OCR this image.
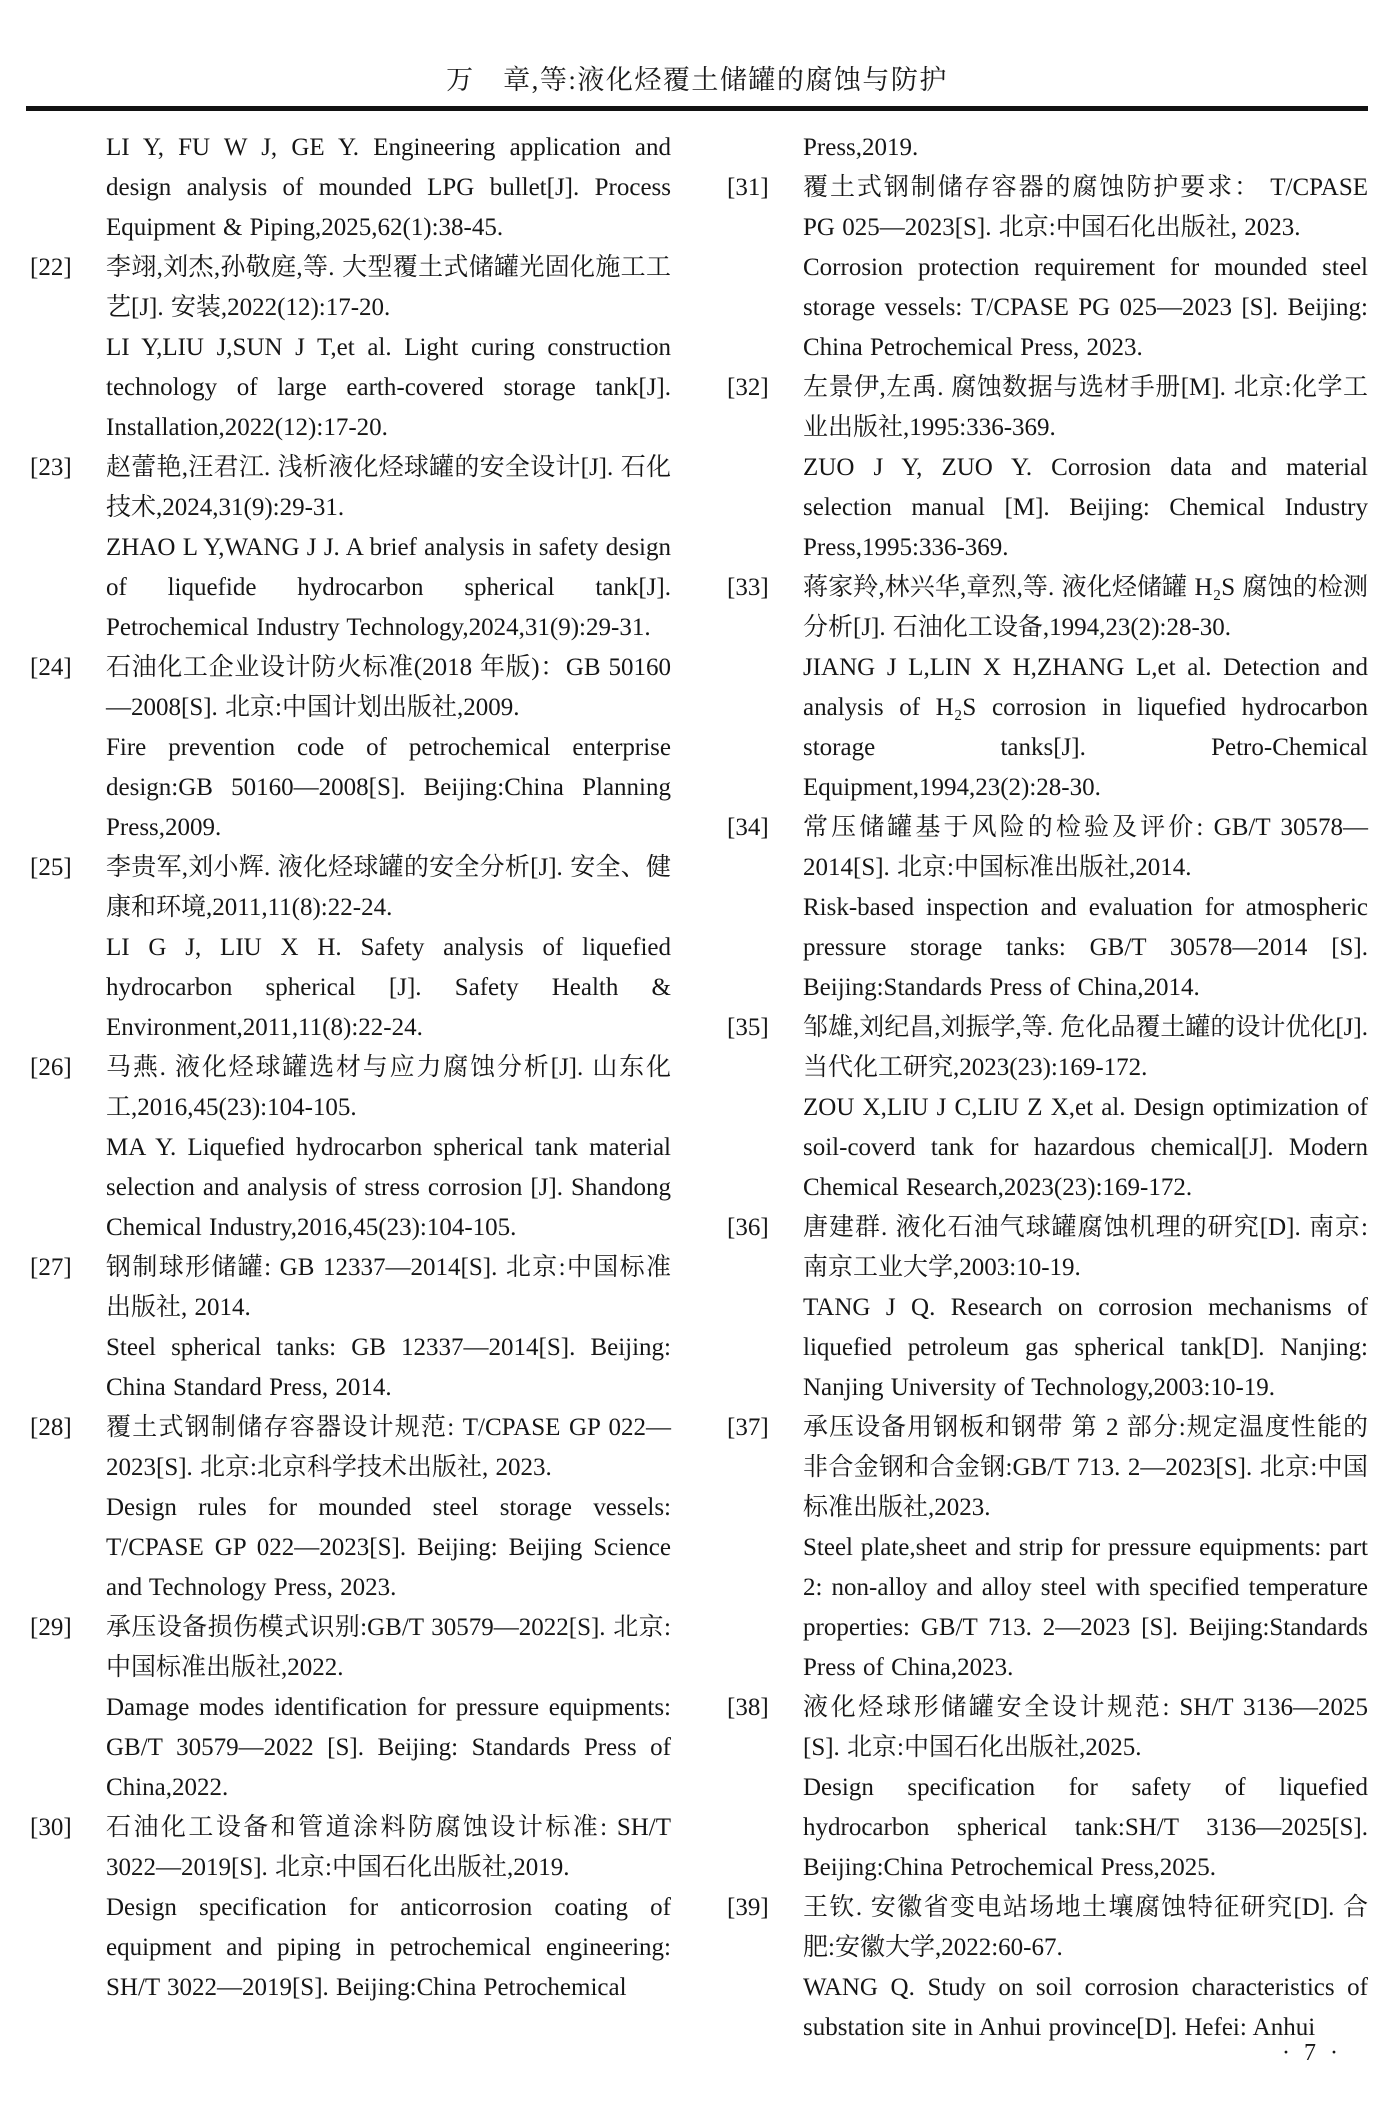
万　章,等:液化烃覆土储罐的腐蚀与防护
LI Y, FU W J, GE Y. Engineering application and design analysis of mounded LPG bullet[J]. Process Equipment & Piping,2025,62(1):38-45.
[22]	李翊,刘杰,孙敬庭,等. 大型覆土式储罐光固化施工工艺[J]. 安装,2022(12):17-20.
LI Y,LIU J,SUN J T,et al. Light curing construction technology of large earth-covered storage tank[J]. Installation,2022(12):17-20.
[23]	赵蕾艳,汪君江. 浅析液化烃球罐的安全设计[J]. 石化技术,2024,31(9):29-31.
ZHAO L Y,WANG J J. A brief analysis in safety design of liquefide hydrocarbon spherical tank[J]. Petrochemical Industry Technology,2024,31(9):29-31.
[24]	石油化工企业设计防火标准(2018 年版)：GB 50160—2008[S]. 北京:中国计划出版社,2009.
Fire prevention code of petrochemical enterprise design:GB 50160—2008[S]. Beijing:China Planning Press,2009.
[25]	李贵军,刘小辉. 液化烃球罐的安全分析[J]. 安全、健康和环境,2011,11(8):22-24.
LI G J, LIU X H. Safety analysis of liquefied hydrocarbon spherical [J]. Safety Health & Environment,2011,11(8):22-24.
[26]	马燕. 液化烃球罐选材与应力腐蚀分析[J]. 山东化工,2016,45(23):104-105.
MA Y. Liquefied hydrocarbon spherical tank material selection and analysis of stress corrosion [J]. Shandong Chemical Industry,2016,45(23):104-105.
[27]	钢制球形储罐: GB 12337—2014[S]. 北京:中国标准出版社, 2014.
Steel spherical tanks: GB 12337—2014[S]. Beijing: China Standard Press, 2014.
[28]	覆土式钢制储存容器设计规范: T/CPASE GP 022—2023[S]. 北京:北京科学技术出版社, 2023.
Design rules for mounded steel storage vessels: T/CPASE GP 022—2023[S]. Beijing: Beijing Science and Technology Press, 2023.
[29]	承压设备损伤模式识别:GB/T 30579—2022[S]. 北京:中国标准出版社,2022.
Damage modes identification for pressure equipments: GB/T 30579—2022 [S]. Beijing: Standards Press of China,2022.
[30]	石油化工设备和管道涂料防腐蚀设计标准: SH/T 3022—2019[S]. 北京:中国石化出版社,2019.
Design specification for anticorrosion coating of equipment and piping in petrochemical engineering: SH/T 3022—2019[S]. Beijing:China Petrochemical
Press,2019.
[31]	覆土式钢制储存容器的腐蚀防护要求： T/CPASE PG 025—2023[S]. 北京:中国石化出版社, 2023.
Corrosion protection requirement for mounded steel storage vessels: T/CPASE PG 025—2023 [S]. Beijing: China Petrochemical Press, 2023.
[32]	左景伊,左禹. 腐蚀数据与选材手册[M]. 北京:化学工业出版社,1995:336-369.
ZUO J Y, ZUO Y. Corrosion data and material selection manual [M]. Beijing: Chemical Industry Press,1995:336-369.
[33]	蒋家羚,林兴华,章烈,等. 液化烃储罐 H₂S 腐蚀的检测分析[J]. 石油化工设备,1994,23(2):28-30.
JIANG J L,LIN X H,ZHANG L,et al. Detection and analysis of H₂S corrosion in liquefied hydrocarbon storage tanks[J]. Petro-Chemical Equipment,1994,23(2):28-30.
[34]	常压储罐基于风险的检验及评价: GB/T 30578—2014[S]. 北京:中国标准出版社,2014.
Risk-based inspection and evaluation for atmospheric pressure storage tanks: GB/T 30578—2014 [S]. Beijing:Standards Press of China,2014.
[35]	邹雄,刘纪昌,刘振学,等. 危化品覆土罐的设计优化[J]. 当代化工研究,2023(23):169-172.
ZOU X,LIU J C,LIU Z X,et al. Design optimization of soil-coverd tank for hazardous chemical[J]. Modern Chemical Research,2023(23):169-172.
[36]	唐建群. 液化石油气球罐腐蚀机理的研究[D]. 南京:南京工业大学,2003:10-19.
TANG J Q. Research on corrosion mechanisms of liquefied petroleum gas spherical tank[D]. Nanjing: Nanjing University of Technology,2003:10-19.
[37]	承压设备用钢板和钢带 第 2 部分:规定温度性能的非合金钢和合金钢:GB/T 713. 2—2023[S]. 北京:中国标准出版社,2023.
Steel plate,sheet and strip for pressure equipments: part 2: non-alloy and alloy steel with specified temperature properties: GB/T 713. 2—2023 [S]. Beijing:Standards Press of China,2023.
[38]	液化烃球形储罐安全设计规范: SH/T 3136—2025 [S]. 北京:中国石化出版社,2025.
Design specification for safety of liquefied hydrocarbon spherical tank:SH/T 3136—2025[S]. Beijing:China Petrochemical Press,2025.
[39]	王钦. 安徽省变电站场地土壤腐蚀特征研究[D]. 合肥:安徽大学,2022:60-67.
WANG Q. Study on soil corrosion characteristics of substation site in Anhui province[D]. Hefei: Anhui
· 7 ·
